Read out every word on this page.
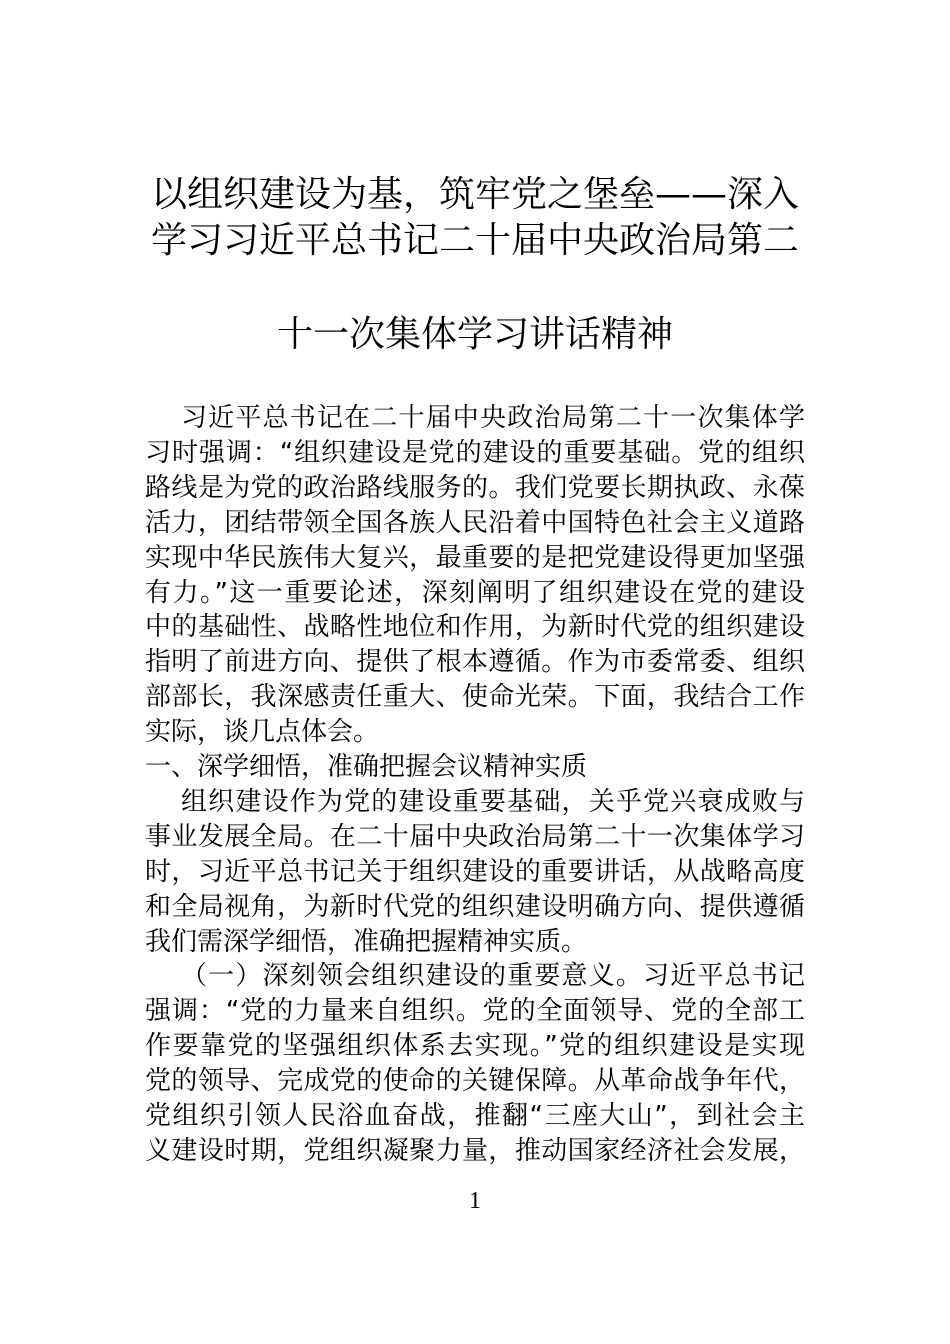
以组织建设为基，筑牢党之堡垒——深入
学习习近平总书记二十届中央政治局第二
十一次集体学习讲话精神
习近平总书记在二十届中央政治局第二十一次集体学
习时强调：“组织建设是党的建设的重要基础。党的组织
路线是为党的政治路线服务的。我们党要长期执政、永葆
活力，团结带领全国各族人民沿着中国特色社会主义道路
实现中华民族伟大复兴，最重要的是把党建设得更加坚强
有力。”这一重要论述，深刻阐明了组织建设在党的建设
中的基础性、战略性地位和作用，为新时代党的组织建设
指明了前进方向、提供了根本遵循。作为市委常委、组织
部部长，我深感责任重大、使命光荣。下面，我结合工作
实际，谈几点体会。
一、深学细悟，准确把握会议精神实质
组织建设作为党的建设重要基础，关乎党兴衰成败与
事业发展全局。在二十届中央政治局第二十一次集体学习
时，习近平总书记关于组织建设的重要讲话，从战略高度
和全局视角，为新时代党的组织建设明确方向、提供遵循
我们需深学细悟，准确把握精神实质。
（一）深刻领会组织建设的重要意义。习近平总书记
强调：“党的力量来自组织。党的全面领导、党的全部工
作要靠党的坚强组织体系去实现。”党的组织建设是实现
党的领导、完成党的使命的关键保障。从革命战争年代，
党组织引领人民浴血奋战，推翻“三座大山”，到社会主
义建设时期，党组织凝聚力量，推动国家经济社会发展，
1
